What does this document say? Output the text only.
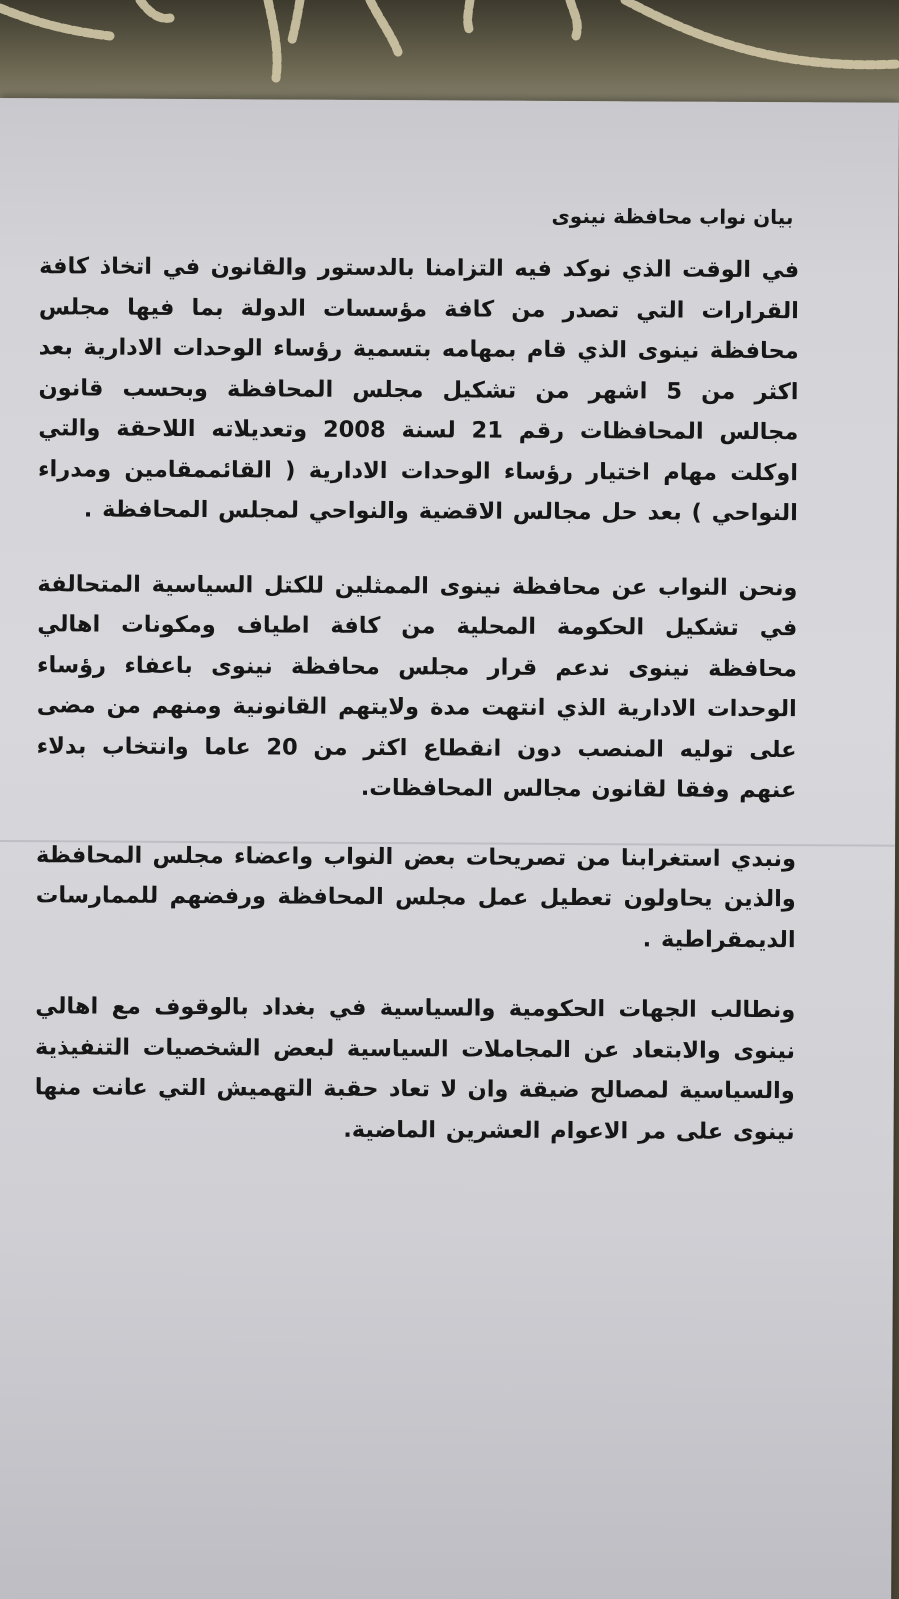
بيان نواب محافظة نينوى

في الوقت الذي نوكد فيه التزامنا بالدستور والقانون في اتخاذ كافة القرارات التي تصدر من كافة مؤسسات الدولة بما فيها مجلس محافظة نينوى الذي قام بمهامه بتسمية رؤساء الوحدات الادارية بعد اكثر من 5 اشهر من تشكيل مجلس المحافظة وبحسب قانون مجالس المحافظات رقم 21 لسنة 2008 وتعديلاته اللاحقة والتي اوكلت مهام اختيار رؤساء الوحدات الادارية ( القائممقامين ومدراء النواحي ) بعد حل مجالس الاقضية والنواحي لمجلس المحافظة .

ونحن النواب عن محافظة نينوى الممثلين للكتل السياسية المتحالفة في تشكيل الحكومة المحلية من كافة اطياف ومكونات اهالي محافظة نينوى ندعم قرار مجلس محافظة نينوى باعفاء رؤساء الوحدات الادارية الذي انتهت مدة ولايتهم القانونية ومنهم من مضى على توليه المنصب دون انقطاع اكثر من 20 عاما وانتخاب بدلاء عنهم وفقا لقانون مجالس المحافظات.

ونبدي استغرابنا من تصريحات بعض النواب واعضاء مجلس المحافظة والذين يحاولون تعطيل عمل مجلس المحافظة ورفضهم للممارسات الديمقراطية .

ونطالب الجهات الحكومية والسياسية في بغداد بالوقوف مع اهالي نينوى والابتعاد عن المجاملات السياسية لبعض الشخصيات التنفيذية والسياسية لمصالح ضيقة وان لا تعاد حقبة التهميش التي عانت منها نينوى على مر الاعوام العشرين الماضية.
